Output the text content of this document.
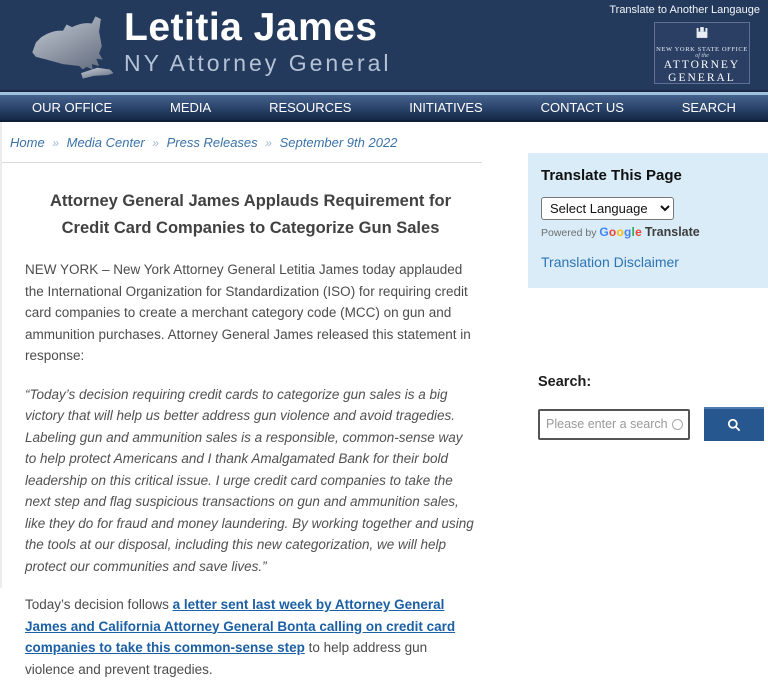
Letitia James
NY Attorney General
Translate to Another Langauge
NEW YORK STATE OFFICE
of the
ATTORNEY
GENERAL
OUR OFFICE	MEDIA	RESOURCES	INITIATIVES	CONTACT US	SEARCH
Home » Media Center » Press Releases » September 9th 2022
Attorney General James Applauds Requirement for Credit Card Companies to Categorize Gun Sales

NEW YORK – New York Attorney General Letitia James today applauded the International Organization for Standardization (ISO) for requiring credit card companies to create a merchant category code (MCC) on gun and ammunition purchases. Attorney General James released this statement in response:

“Today’s decision requiring credit cards to categorize gun sales is a big victory that will help us better address gun violence and avoid tragedies. Labeling gun and ammunition sales is a responsible, common-sense way to help protect Americans and I thank Amalgamated Bank for their bold leadership on this critical issue. I urge credit card companies to take the next step and flag suspicious transactions on gun and ammunition sales, like they do for fraud and money laundering. By working together and using the tools at our disposal, including this new categorization, we will help protect our communities and save lives.”

Today’s decision follows a letter sent last week by Attorney General James and California Attorney General Bonta calling on credit card companies to take this common-sense step to help address gun violence and prevent tragedies.

Translate This Page
Select Language
Powered by Google Translate
Translation Disclaimer
Search:
Please enter a search term...
